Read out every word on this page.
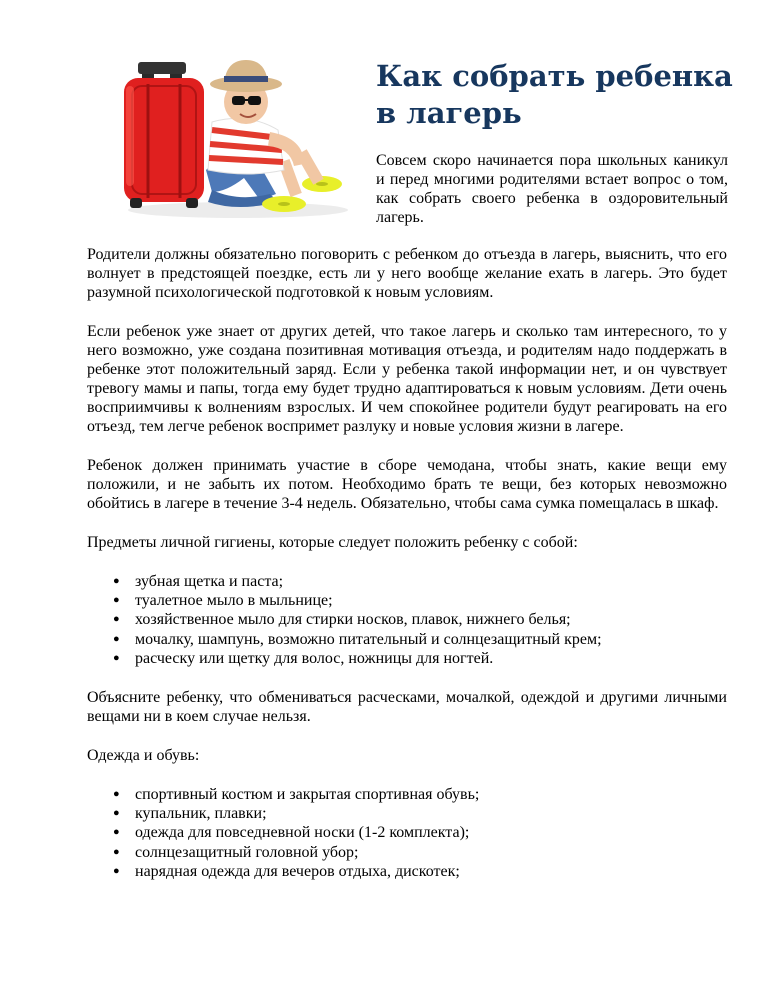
Как собрать ребенка в лагерь

Совсем скоро начинается пора школьных каникул и перед многими родителями встает вопрос о том, как собрать своего ребенка в оздоровительный лагерь.

Родители должны обязательно поговорить с ребенком до отъезда в лагерь, выяснить, что его волнует в предстоящей поездке, есть ли у него вообще желание ехать в лагерь. Это будет разумной психологической подготовкой к новым условиям.

Если ребенок уже знает от других детей, что такое лагерь и сколько там интересного, то у него возможно, уже создана позитивная мотивация отъезда, и родителям надо поддержать в ребенке этот положительный заряд. Если у ребенка такой информации нет, и он чувствует тревогу мамы и папы, тогда ему будет трудно адаптироваться к новым условиям. Дети очень восприимчивы к волнениям взрослых. И чем спокойнее родители будут реагировать на его отъезд, тем легче ребенок воспримет разлуку и новые условия жизни в лагере.

Ребенок должен принимать участие в сборе чемодана, чтобы знать, какие вещи ему положили, и не забыть их потом. Необходимо брать те вещи, без которых невозможно обойтись в лагере в течение 3-4 недель. Обязательно, чтобы сама сумка помещалась в шкаф.

Предметы личной гигиены, которые следует положить ребенку с собой:

● зубная щетка и паста;
● туалетное мыло в мыльнице;
● хозяйственное мыло для стирки носков, плавок, нижнего белья;
● мочалку, шампунь, возможно питательный и солнцезащитный крем;
● расческу или щетку для волос, ножницы для ногтей.

Объясните ребенку, что обмениваться расческами, мочалкой, одеждой и другими личными вещами ни в коем случае нельзя.

Одежда и обувь:

● спортивный костюм и закрытая спортивная обувь;
● купальник, плавки;
● одежда для повседневной носки (1-2 комплекта);
● солнцезащитный головной убор;
● нарядная одежда для вечеров отдыха, дискотек;
